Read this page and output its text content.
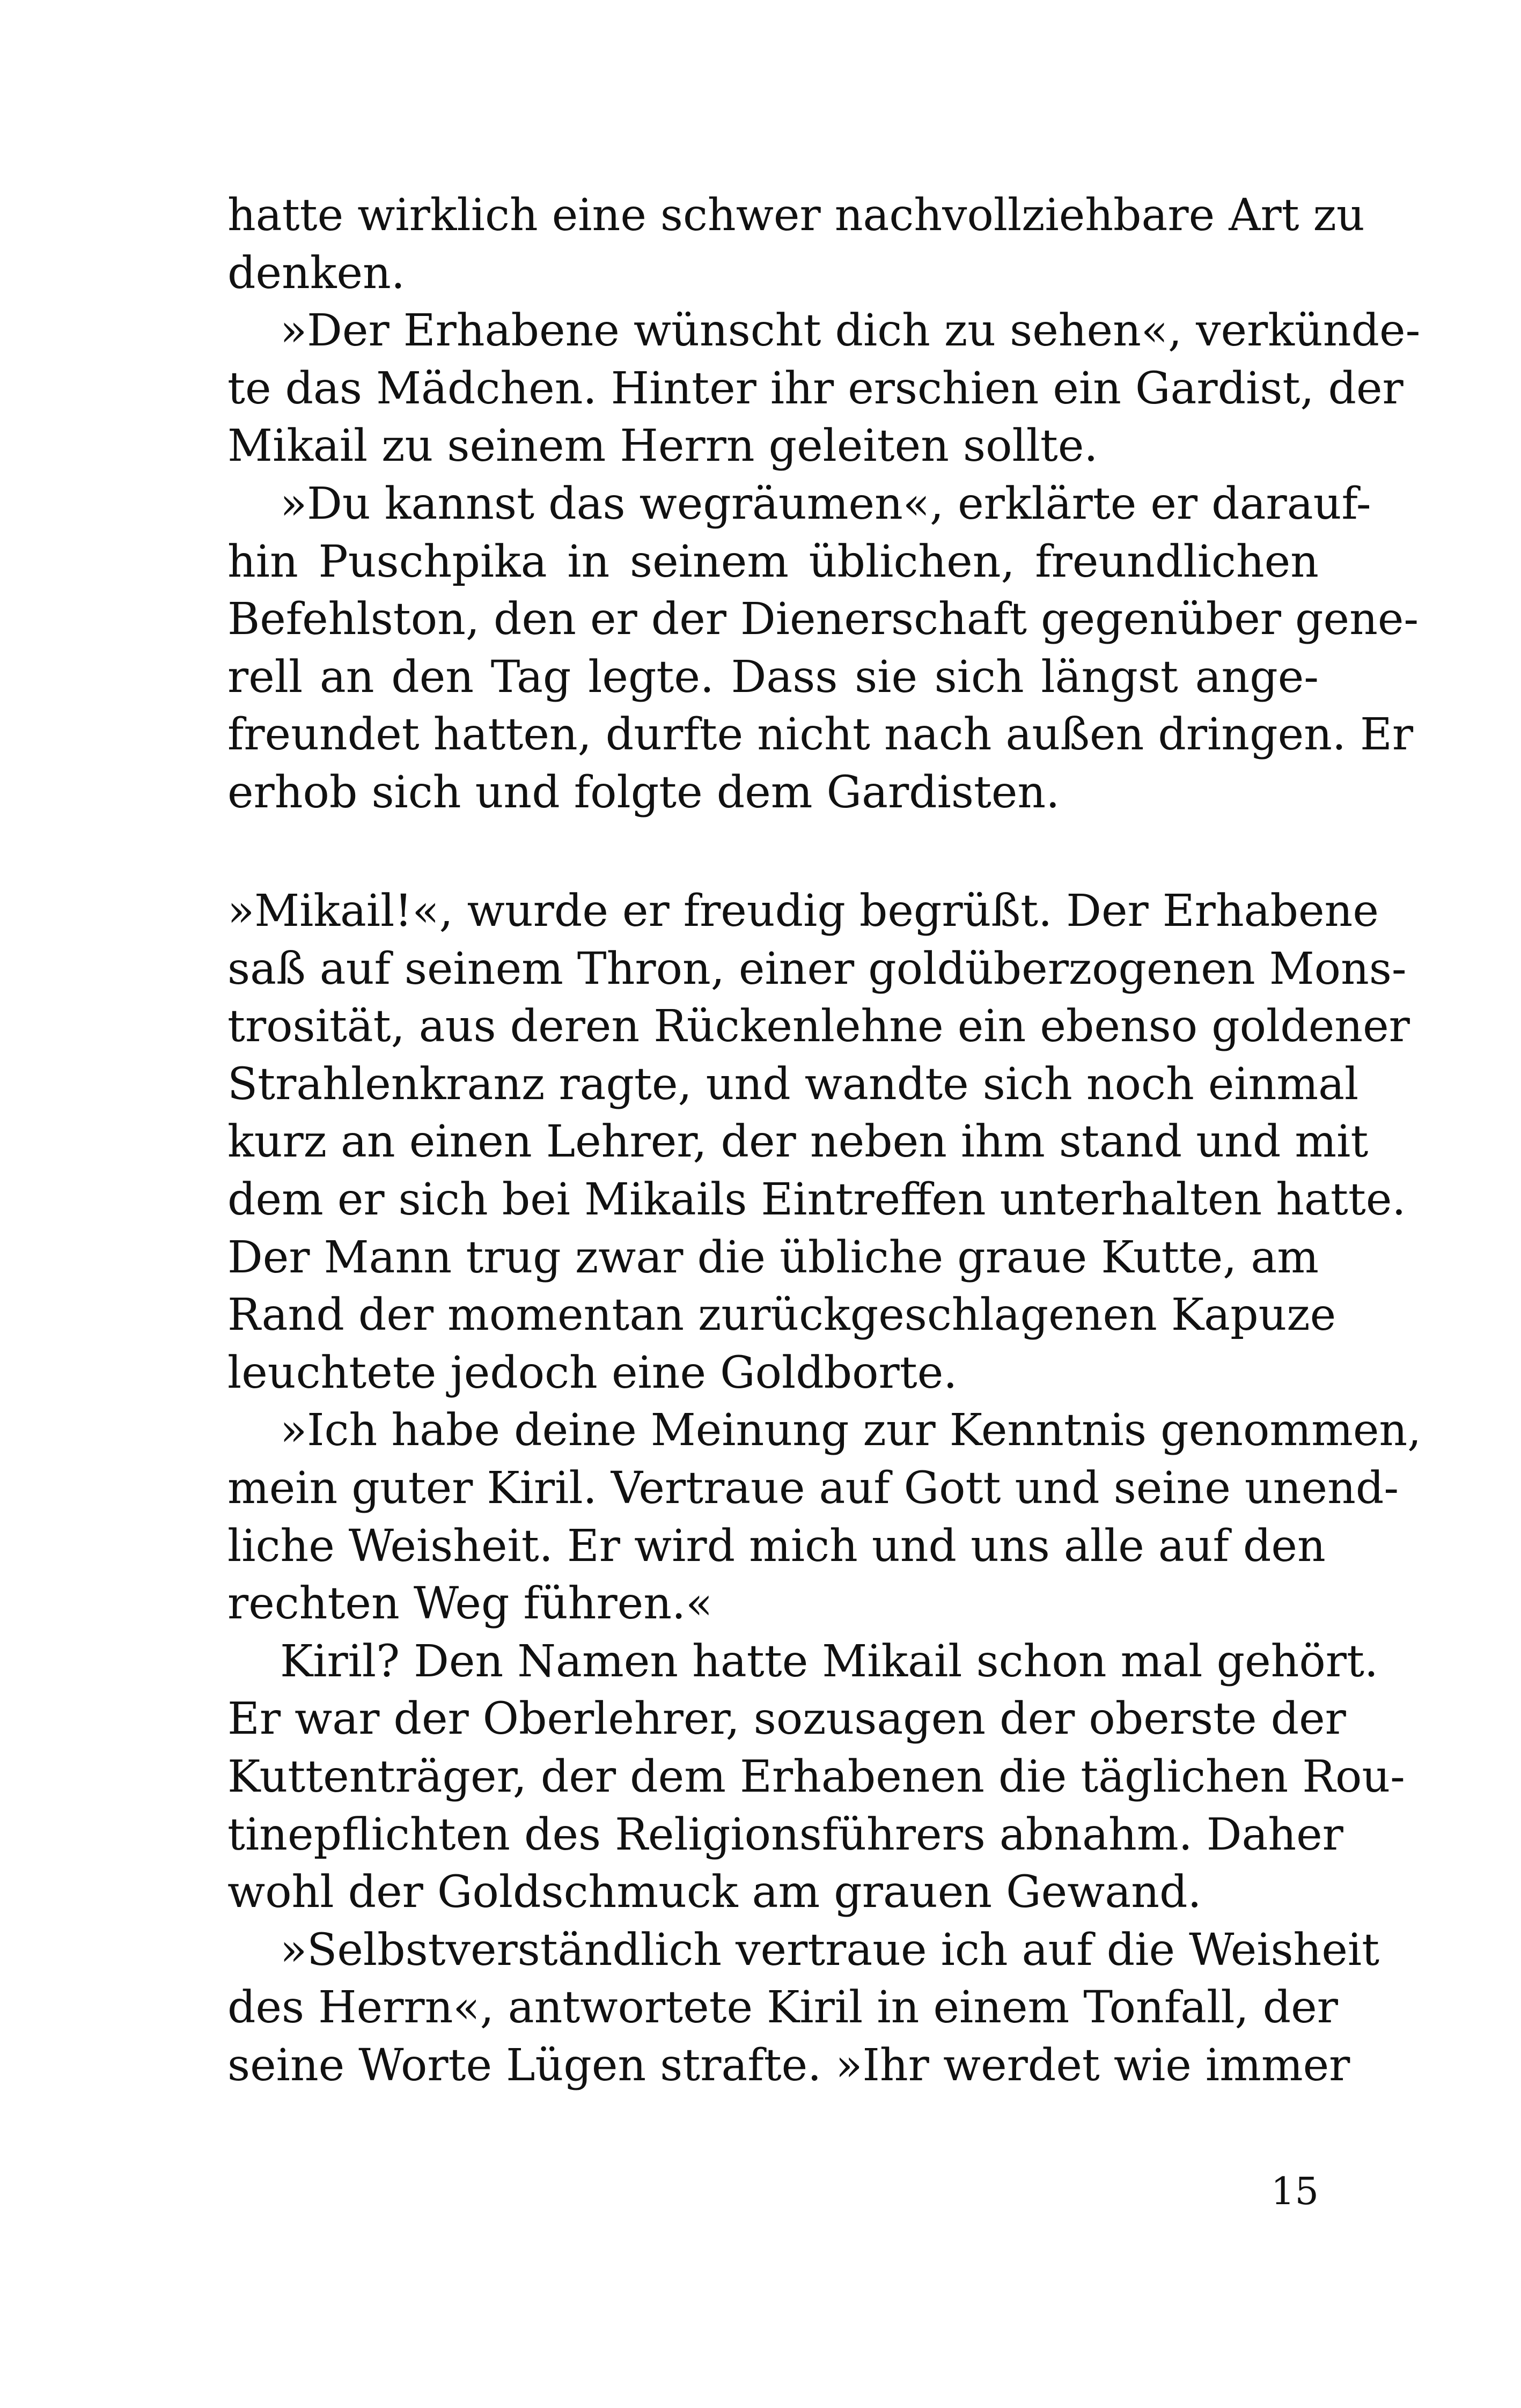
hatte wirklich eine schwer nachvollziehbare Art zu
denken.
»Der Erhabene wünscht dich zu sehen«, verkünde-
te das Mädchen. Hinter ihr erschien ein Gardist, der
Mikail zu seinem Herrn geleiten sollte.
»Du kannst das wegräumen«, erklärte er darauf-
hin Puschpika in seinem üblichen, freundlichen
Befehlston, den er der Dienerschaft gegenüber gene-
rell an den Tag legte. Dass sie sich längst ange-
freundet hatten, durfte nicht nach außen dringen. Er
erhob sich und folgte dem Gardisten.
»Mikail!«, wurde er freudig begrüßt. Der Erhabene
saß auf seinem Thron, einer goldüberzogenen Mons-
trosität, aus deren Rückenlehne ein ebenso goldener
Strahlenkranz ragte, und wandte sich noch einmal
kurz an einen Lehrer, der neben ihm stand und mit
dem er sich bei Mikails Eintreffen unterhalten hatte.
Der Mann trug zwar die übliche graue Kutte, am
Rand der momentan zurückgeschlagenen Kapuze
leuchtete jedoch eine Goldborte.
»Ich habe deine Meinung zur Kenntnis genommen,
mein guter Kiril. Vertraue auf Gott und seine unend-
liche Weisheit. Er wird mich und uns alle auf den
rechten Weg führen.«
Kiril? Den Namen hatte Mikail schon mal gehört.
Er war der Oberlehrer, sozusagen der oberste der
Kuttenträger, der dem Erhabenen die täglichen Rou-
tinepflichten des Religionsführers abnahm. Daher
wohl der Goldschmuck am grauen Gewand.
»Selbstverständlich vertraue ich auf die Weisheit
des Herrn«, antwortete Kiril in einem Tonfall, der
seine Worte Lügen strafte. »Ihr werdet wie immer
15
